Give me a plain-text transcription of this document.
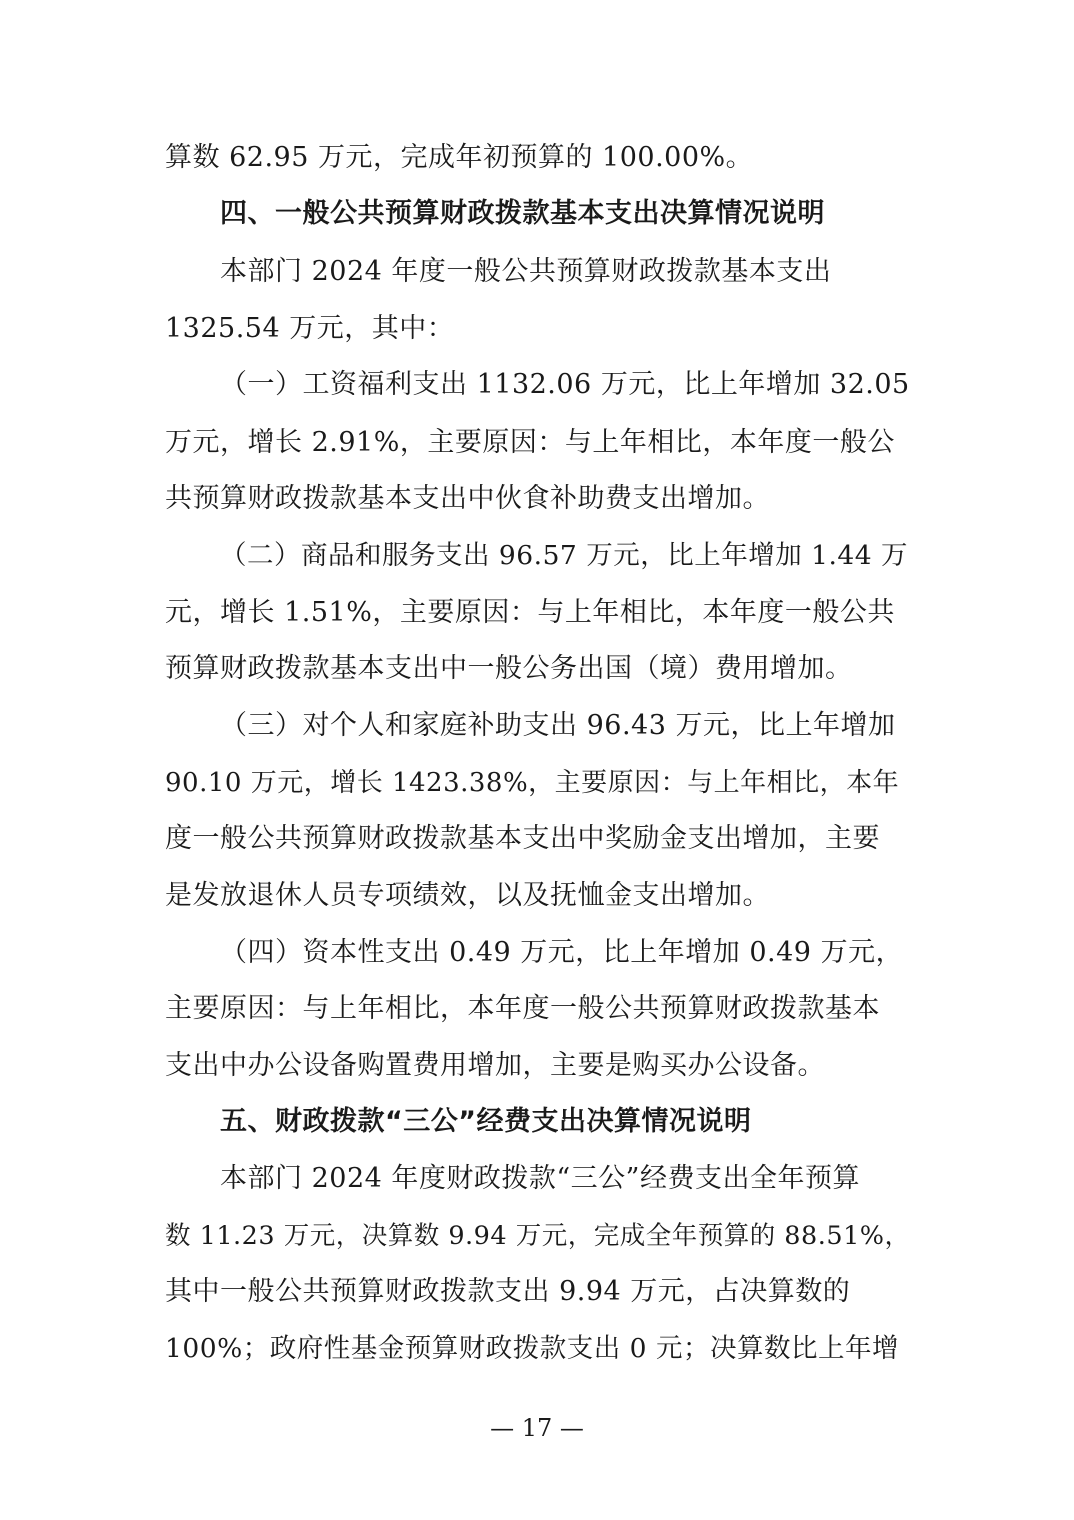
算数 62.95 万元，完成年初预算的 100.00%。
四、一般公共预算财政拨款基本支出决算情况说明
本部门 2024 年度一般公共预算财政拨款基本支出
1325.54 万元，其中：
（一）工资福利支出 1132.06 万元，比上年增加 32.05
万元，增长 2.91%，主要原因：与上年相比，本年度一般公
共预算财政拨款基本支出中伙食补助费支出增加。
（二）商品和服务支出 96.57 万元，比上年增加 1.44 万
元，增长 1.51%，主要原因：与上年相比，本年度一般公共
预算财政拨款基本支出中一般公务出国（境）费用增加。
（三）对个人和家庭补助支出 96.43 万元，比上年增加
90.10 万元，增长 1423.38%，主要原因：与上年相比，本年
度一般公共预算财政拨款基本支出中奖励金支出增加，主要
是发放退休人员专项绩效，以及抚恤金支出增加。
（四）资本性支出 0.49 万元，比上年增加 0.49 万元，
主要原因：与上年相比，本年度一般公共预算财政拨款基本
支出中办公设备购置费用增加，主要是购买办公设备。
五、财政拨款“三公”经费支出决算情况说明
本部门 2024 年度财政拨款“三公”经费支出全年预算
数 11.23 万元，决算数 9.94 万元，完成全年预算的 88.51%，
其中一般公共预算财政拨款支出 9.94 万元，占决算数的
100%；政府性基金预算财政拨款支出 0 元；决算数比上年增
— 17 —
